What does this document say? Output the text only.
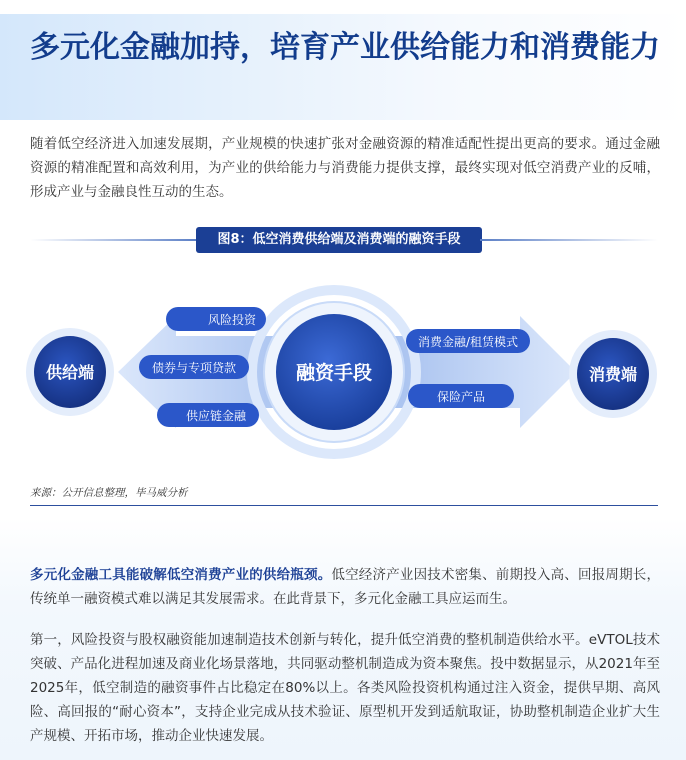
多元化金融加持，培育产业供给能力和消费能力

随着低空经济进入加速发展期，产业规模的快速扩张对金融资源的精准适配性提出更高的要求。通过金融资源的精准配置和高效利用，为产业的供给能力与消费能力提供支撑，最终实现对低空消费产业的反哺，形成产业与金融良性互动的生态。

图8：低空消费供给端及消费端的融资手段
融资手段
供给端	消费端
风险投资
债券与专项贷款
供应链金融
消费金融/租赁模式
保险产品
来源：公开信息整理，毕马威分析

多元化金融工具能破解低空消费产业的供给瓶颈。低空经济产业因技术密集、前期投入高、回报周期长，传统单一融资模式难以满足其发展需求。在此背景下，多元化金融工具应运而生。

第一，风险投资与股权融资能加速制造技术创新与转化，提升低空消费的整机制造供给水平。eVTOL技术突破、产品化进程加速及商业化场景落地，共同驱动整机制造成为资本聚焦。投中数据显示，从2021年至2025年，低空制造的融资事件占比稳定在80%以上。各类风险投资机构通过注入资金，提供早期、高风险、高回报的“耐心资本”，支持企业完成从技术验证、原型机开发到适航取证，协助整机制造企业扩大生产规模、开拓市场，推动企业快速发展。
